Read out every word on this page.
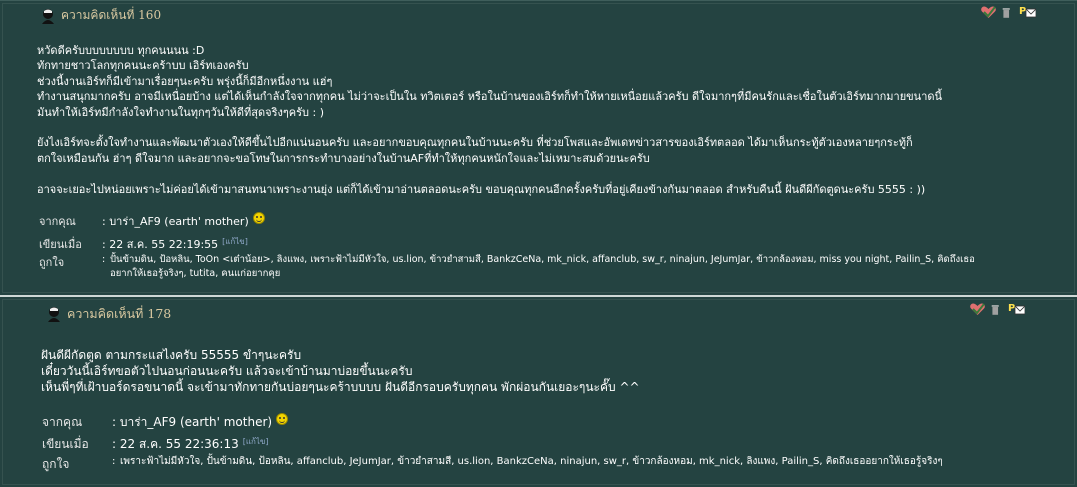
ความคิดเห็นที่ 160	P
หวัดดีครับบบบบบบบ ทุกคนนนน :D
ทักทายชาวโลกทุกคนนะคร้าบบ เอิร์ทเองครับ
ช่วงนี้งานเอิร์ทก็มีเข้ามาเรื่อยๆนะครับ พรุ่งนี้ก็มีอีกหนึ่งงาน แฮ่ๆ
ทำงานสนุกมากครับ อาจมีเหนื่อยบ้าง แต่ได้เห็นกำลังใจจากทุกคน ไม่ว่าจะเป็นใน ทวิตเตอร์ หรือในบ้านของเอิร์ทก็ทำให้หายเหนื่อยแล้วครับ ดีใจมากๆที่มีคนรักและเชื่อในตัวเอิร์ทมากมายขนาดนี้
มันทำให้เอิร์ทมีกำลังใจทำงานในทุกๆวันให้ดีที่สุดจริงๆครับ : )

ยังไงเอิร์ทจะตั้งใจทำงานและพัฒนาตัวเองให้ดีขึ้นไปอีกแน่นอนครับ และอยากขอบคุณทุกคนในบ้านนะครับ ที่ช่วยโพสและอัพเดทข่าวสารของเอิร์ทตลอด ได้มาเห็นกระทู้ตัวเองหลายๆกระทู้ก็
ตกใจเหมือนกัน ฮ่าๆ ดีใจมาก และอยากจะขอโทษในการกระทำบางอย่างในบ้านAFที่ทำให้ทุกคนหนักใจและไม่เหมาะสมด้วยนะครับ

อาจจะเยอะไปหน่อยเพราะไม่ค่อยได้เข้ามาสนทนาเพราะงานยุ่ง แต่ก็ได้เข้ามาอ่านตลอดนะครับ ขอบคุณทุกคนอีกครั้งครับที่อยู่เคียงข้างกันมาตลอด สำหรับคืนนี้ ฝันดีผีกัดตูดนะครับ 5555 : ))
จากคุณ	: บาร่า_AF9 (earth' mother)
เขียนเมื่อ	: 22 ส.ค. 55 22:19:55 [แก้ไข]
ถูกใจ	: ปั้นข้ามดิน, ป้อหลิน, ToOn <เต๋าน้อย>, ลิงแพง, เพราะฟ้าไม่มีหัวใจ, us.lion, ข้าวยำสามสี, BankzCeNa, mk_nick, affanclub, sw_r, ninajun, JeJumJar, ข้าวกล้องหอม, miss you night, Pailin_S, คิดถึงเธอ
อยากให้เธอรู้จริงๆ, tutita, คนแก่อยากคุย
ความคิดเห็นที่ 178	P
ฝันดีผีกัดตูด ตามกระแสไงครับ 55555 ขำๆนะครับ
เดี๋ยววันนี้เอิร์ทขอตัวไปนอนก่อนนะครับ แล้วจะเข้าบ้านมาบ่อยขึ้นนะครับ
เห็นพี่ๆที่เฝ้าบอร์ดรอขนาดนี้ จะเข้ามาทักทายกันบ่อยๆนะคร้าบบบบ ฝันดีอีกรอบครับทุกคน พักผ่อนกันเยอะๆนะคั๊บ ^^
จากคุณ	: บาร่า_AF9 (earth' mother)
เขียนเมื่อ	: 22 ส.ค. 55 22:36:13 [แก้ไข]
ถูกใจ	: เพราะฟ้าไม่มีหัวใจ, ปั้นข้ามดิน, ป้อหลิน, affanclub, JeJumJar, ข้าวยำสามสี, us.lion, BankzCeNa, ninajun, sw_r, ข้าวกล้องหอม, mk_nick, ลิงแพง, Pailin_S, คิดถึงเธออยากให้เธอรู้จริงๆ
